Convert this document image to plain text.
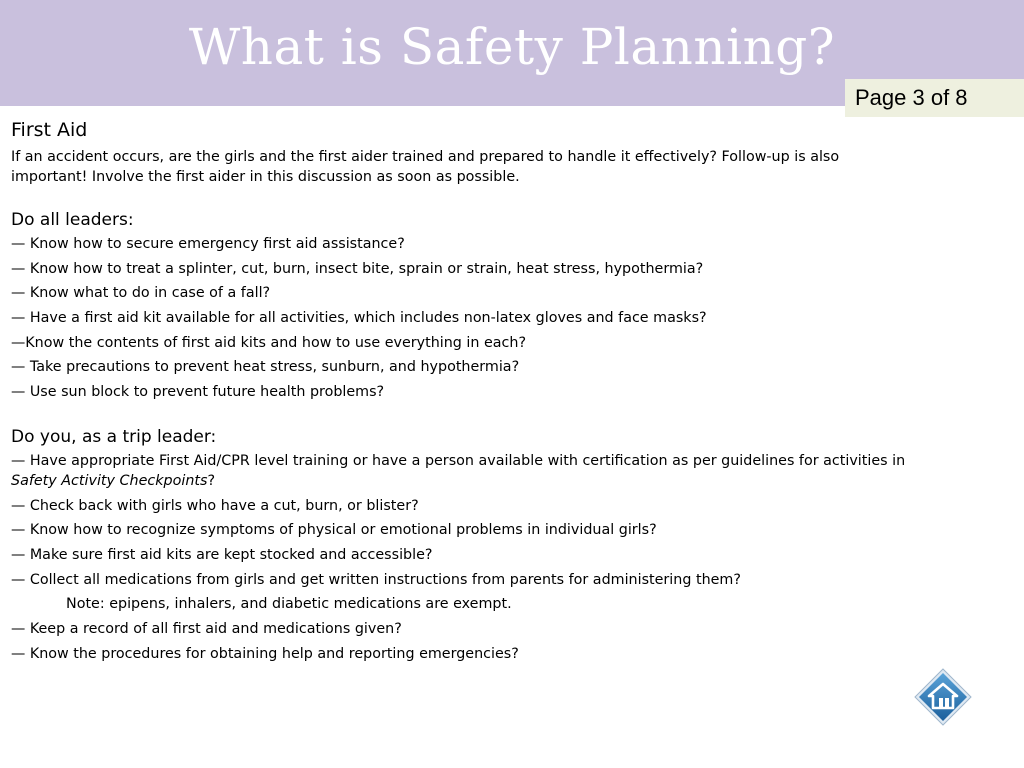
What is Safety Planning?
Page 3 of 8
First Aid

If an accident occurs, are the girls and the first aider trained and prepared to handle it effectively? Follow-up is also
important! Involve the first aider in this discussion as soon as possible.

Do all leaders:
— Know how to secure emergency first aid assistance?
— Know how to treat a splinter, cut, burn, insect bite, sprain or strain, heat stress, hypothermia?
— Know what to do in case of a fall?
— Have a first aid kit available for all activities, which includes non-latex gloves and face masks?
—Know the contents of first aid kits and how to use everything in each?
— Take precautions to prevent heat stress, sunburn, and hypothermia?
— Use sun block to prevent future health problems?
Do you, as a trip leader:
— Have appropriate First Aid/CPR level training or have a person available with certification as per guidelines for activities in
Safety Activity Checkpoints?
— Check back with girls who have a cut, burn, or blister?
— Know how to recognize symptoms of physical or emotional problems in individual girls?
— Make sure first aid kits are kept stocked and accessible?
— Collect all medications from girls and get written instructions from parents for administering them?
Note: epipens, inhalers, and diabetic medications are exempt.
— Keep a record of all first aid and medications given?
— Know the procedures for obtaining help and reporting emergencies?
